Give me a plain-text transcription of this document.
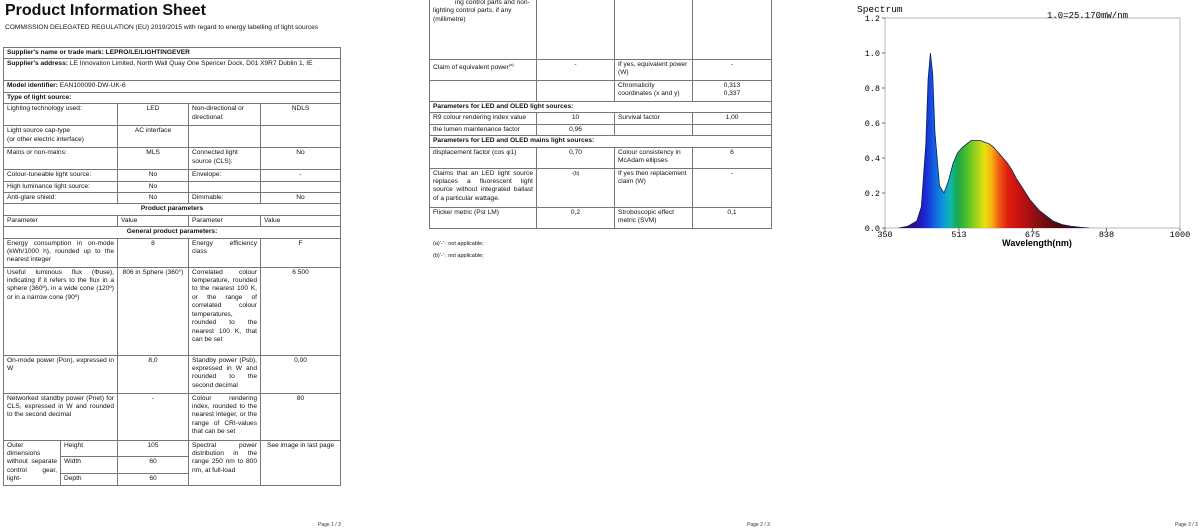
Product Information Sheet
COMMISSION DELEGATED REGULATION (EU) 2019/2015 with regard to energy labelling of light sources
Supplier's name or trade mark: LEPRO/LE/LIGHTINGEVER				
Supplier's address: LE Innovation Limited, North Wall Quay One Spencer Dock, D01 X9R7 Dublin 1, IE				
Model identifier: EAN100090-DW-UK-6				
Type of light source:				
Lighting technology used:		LED	Non-directional or directional:	NDLS
Light source cap-type
(or other electric interface)		AC interface		
Mains or non-mains:		MLS	Connected light source (CLS):	No
Colour-tuneable light source:		No	Envelope:	-
High luminance light source:		No		
Anti-glare shield:		No	Dimmable:	No
Product parameters				
Parameter		Value	Parameter	Value
General product parameters:				
Energy consumption in on-mode (kWh/1000 h), rounded up to the nearest integer		8	Energy efficiency class	F
Useful luminous flux (Φuse), indicating if it refers to the flux in a sphere (360º), in a wide cone (120º) or in a narrow cone (90º)		806 in Sphere (360°)	Correlated colour temperature, rounded to the nearest 100 K, or the range of correlated colour temperatures, rounded to the nearest 100 K, that can be set	6 500
On-mode power (Pon), expressed in W		8,0	Standby power (Psb), expressed in W and rounded to the second decimal	0,00
Networked standby power (Pnet) for CLS, expressed in W and rounded to the second decimal		-	Colour rendering index, rounded to the nearest integer, or the range of CRI-values that can be set	80
Outer dimensions without separate control gear, light-	Height	105	Spectral power distribution in the range 250 nm to 800 nm, at full-load	See image in last page
	Width	60		
	Depth	60		
Page 1 / 3

ing control parts and non-lighting control parts, if any (millimetre)			

Claim of equivalent power$^{(a)}$	-	If yes, equivalent power (W)	-
		Chromaticity coordinates (x and y)	0,313
0,337
Parameters for LED and OLED light sources:			
R9 colour rendering index value	10	Survival factor	1,00
the lumen maintenance factor	0,96		
Parameters for LED and OLED mains light sources:			
displacement factor (cos φ1)	0,70	Colour consistency in McAdam ellipses	6
Claims that an LED light source replaces a fluorescent light source without integrated ballast of a particular wattage.	-(b)	If yes then replacement claim (W)	-
Flicker metric (Pst LM)	0,2	Stroboscopic effect metric (SVM)	0,1
(a)'-' : not applicable;
(b)'-' : not applicable;
Page 2 / 3
0.0
0.2
0.4
0.6
0.8
1.0
1.2
350	513	675	838	1000
Spectrum
1.0=25.170mW/nm
Wavelength(nm)
Page 3 / 3
